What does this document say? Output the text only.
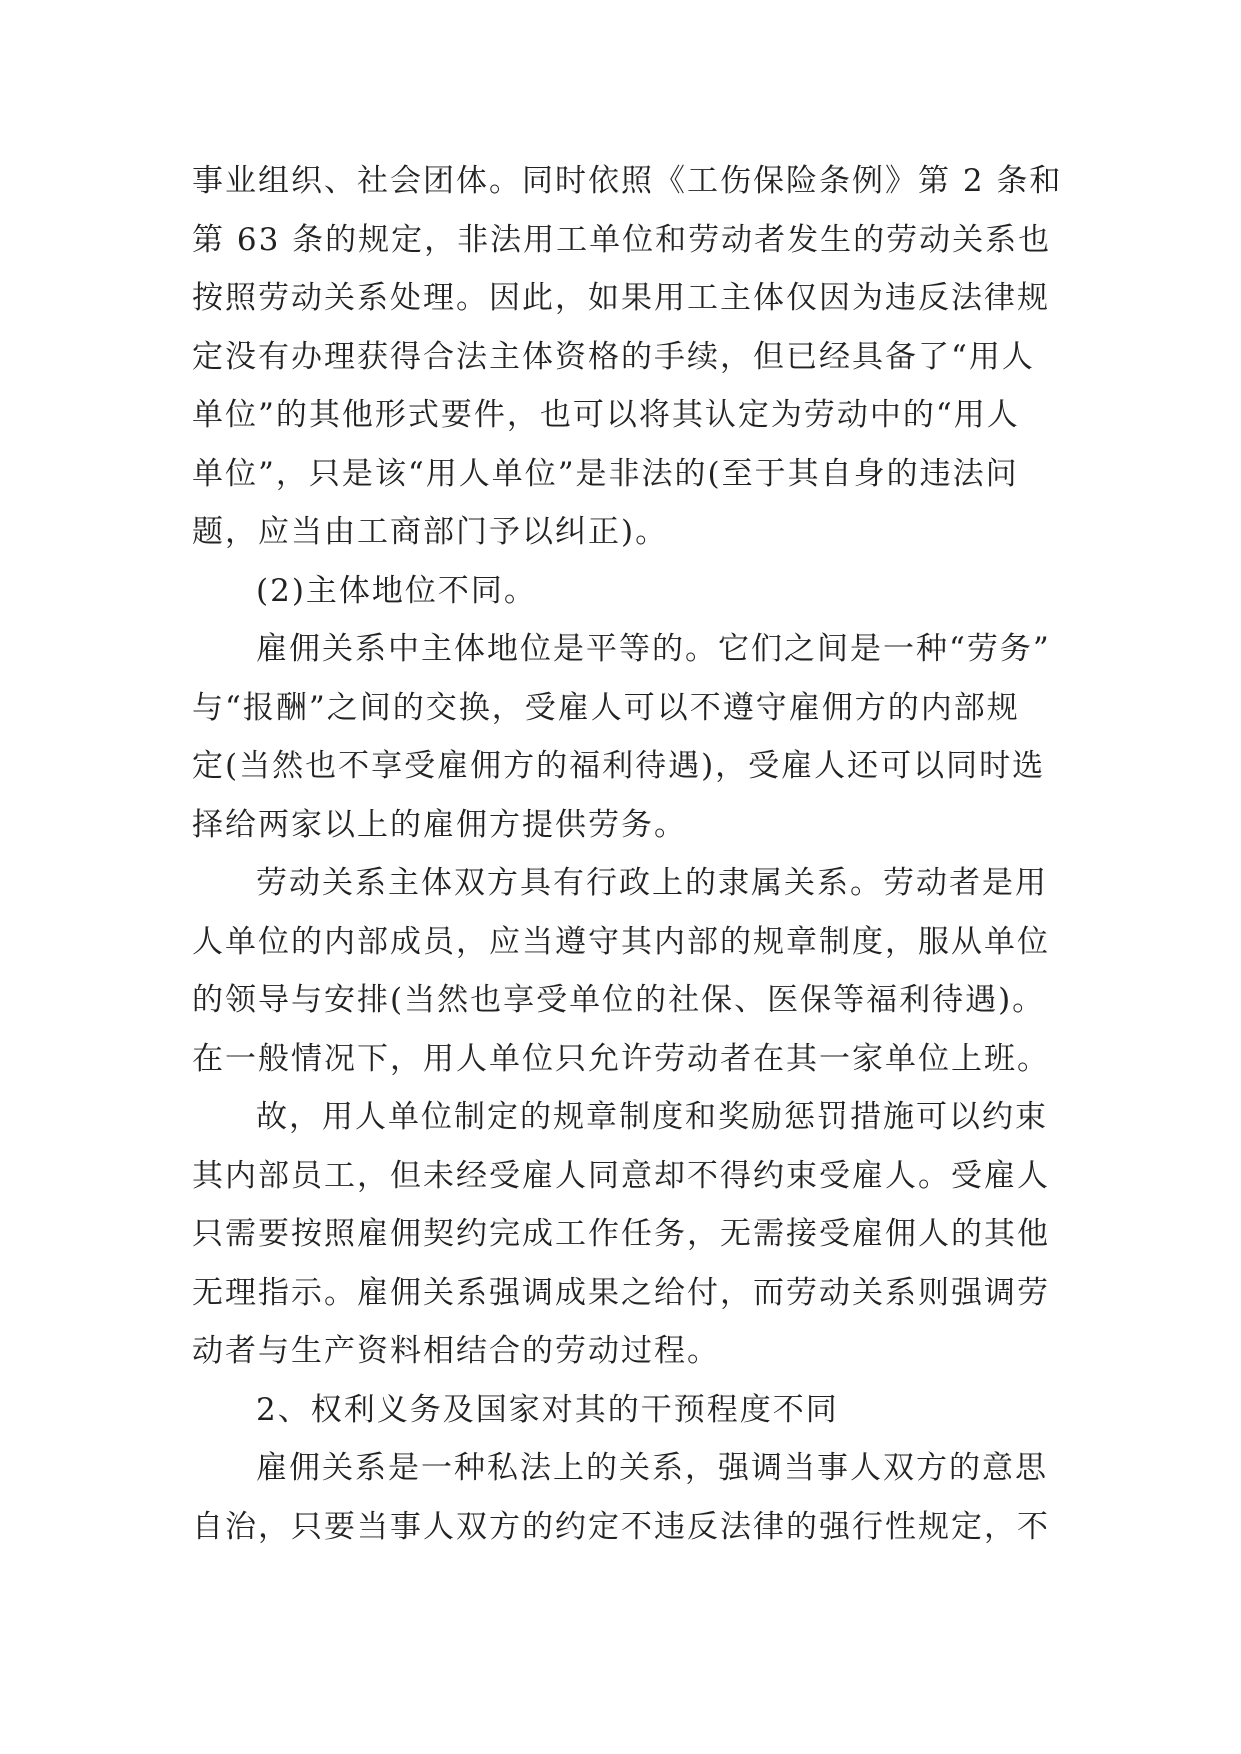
事业组织、社会团体。同时依照《工伤保险条例》第 2 条和
第 63 条的规定，非法用工单位和劳动者发生的劳动关系也
按照劳动关系处理。因此，如果用工主体仅因为违反法律规
定没有办理获得合法主体资格的手续，但已经具备了“用人
单位”的其他形式要件，也可以将其认定为劳动中的“用人
单位”，只是该“用人单位”是非法的(至于其自身的违法问
题，应当由工商部门予以纠正)。
(2)主体地位不同。
雇佣关系中主体地位是平等的。它们之间是一种“劳务”
与“报酬”之间的交换，受雇人可以不遵守雇佣方的内部规
定(当然也不享受雇佣方的福利待遇)，受雇人还可以同时选
择给两家以上的雇佣方提供劳务。
劳动关系主体双方具有行政上的隶属关系。劳动者是用
人单位的内部成员，应当遵守其内部的规章制度，服从单位
的领导与安排(当然也享受单位的社保、医保等福利待遇)。
在一般情况下，用人单位只允许劳动者在其一家单位上班。
故，用人单位制定的规章制度和奖励惩罚措施可以约束
其内部员工，但未经受雇人同意却不得约束受雇人。受雇人
只需要按照雇佣契约完成工作任务，无需接受雇佣人的其他
无理指示。雇佣关系强调成果之给付，而劳动关系则强调劳
动者与生产资料相结合的劳动过程。
2、权利义务及国家对其的干预程度不同
雇佣关系是一种私法上的关系，强调当事人双方的意思
自治，只要当事人双方的约定不违反法律的强行性规定，不
